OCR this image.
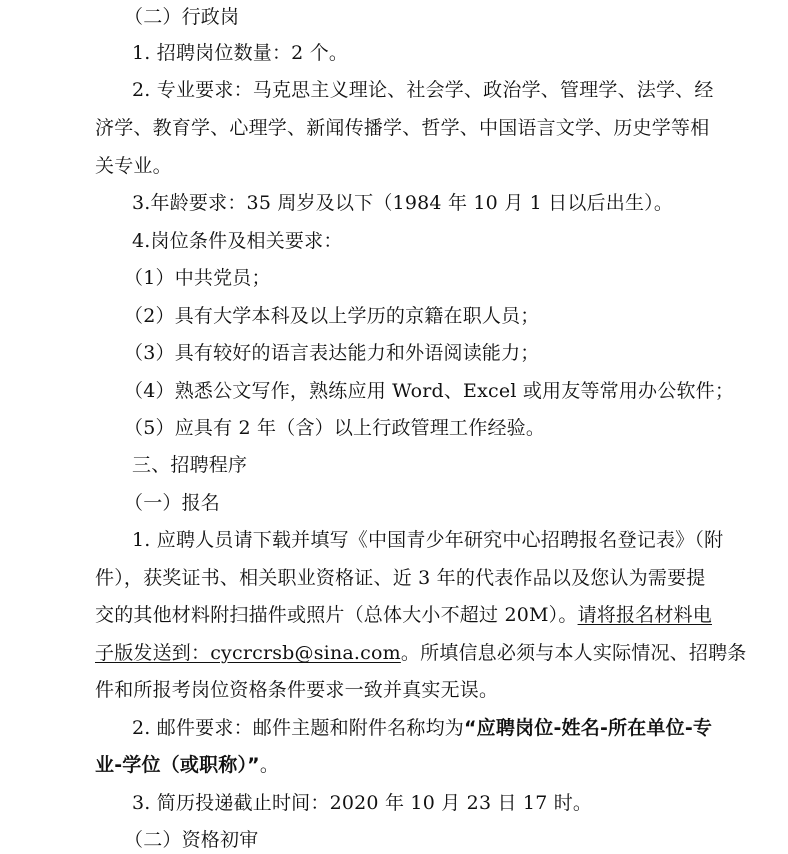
（二）行政岗
1. 招聘岗位数量：2 个。
2. 专业要求：马克思主义理论、社会学、政治学、管理学、法学、经
济学、教育学、心理学、新闻传播学、哲学、中国语言文学、历史学等相
关专业。
3.年龄要求：35 周岁及以下（1984 年 10 月 1 日以后出生）。
4.岗位条件及相关要求：
（1）中共党员；
（2）具有大学本科及以上学历的京籍在职人员；
（3）具有较好的语言表达能力和外语阅读能力；
（4）熟悉公文写作，熟练应用 Word、Excel 或用友等常用办公软件；
（5）应具有 2 年（含）以上行政管理工作经验。
三、招聘程序
（一）报名
1. 应聘人员请下载并填写《中国青少年研究中心招聘报名登记表》（附
件），获奖证书、相关职业资格证、近 3 年的代表作品以及您认为需要提
交的其他材料附扫描件或照片（总体大小不超过 20M）。请将报名材料电
子版发送到：cycrcrsb@sina.com。所填信息必须与本人实际情况、招聘条
件和所报考岗位资格条件要求一致并真实无误。
2. 邮件要求：邮件主题和附件名称均为“应聘岗位-姓名-所在单位-专
业-学位（或职称）”。
3. 简历投递截止时间：2020 年 10 月 23 日 17 时。
（二）资格初审
